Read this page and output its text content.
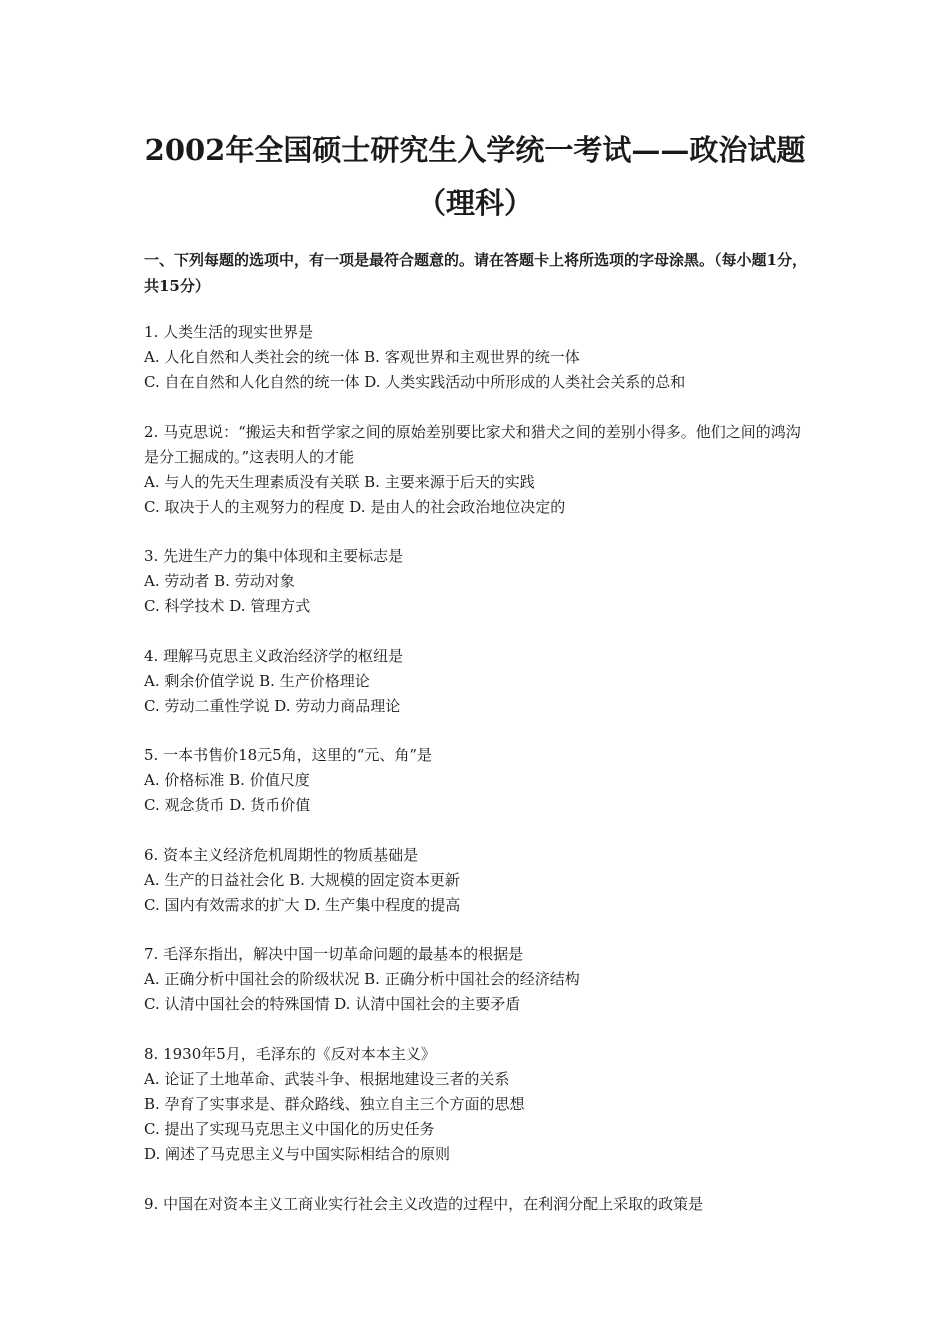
2002年全国硕士研究生入学统一考试——政治试题
（理科）
一、下列每题的选项中，有一项是最符合题意的。请在答题卡上将所选项的字母涂黑。（每小题1分，共15分）
1. 人类生活的现实世界是
A. 人化自然和人类社会的统一体 B. 客观世界和主观世界的统一体
C. 自在自然和人化自然的统一体 D. 人类实践活动中所形成的人类社会关系的总和
2. 马克思说：“搬运夫和哲学家之间的原始差别要比家犬和猎犬之间的差别小得多。他们之间的鸿沟是分工掘成的。”这表明人的才能
A. 与人的先天生理素质没有关联 B. 主要来源于后天的实践
C. 取决于人的主观努力的程度 D. 是由人的社会政治地位决定的
3. 先进生产力的集中体现和主要标志是
A. 劳动者 B. 劳动对象
C. 科学技术 D. 管理方式
4. 理解马克思主义政治经济学的枢纽是
A. 剩余价值学说 B. 生产价格理论
C. 劳动二重性学说 D. 劳动力商品理论
5. 一本书售价18元5角，这里的“元、角”是
A. 价格标准 B. 价值尺度
C. 观念货币 D. 货币价值
6. 资本主义经济危机周期性的物质基础是
A. 生产的日益社会化 B. 大规模的固定资本更新
C. 国内有效需求的扩大 D. 生产集中程度的提高
7. 毛泽东指出，解决中国一切革命问题的最基本的根据是
A. 正确分析中国社会的阶级状况 B. 正确分析中国社会的经济结构
C. 认清中国社会的特殊国情 D. 认清中国社会的主要矛盾
8. 1930年5月，毛泽东的《反对本本主义》
A. 论证了土地革命、武装斗争、根据地建设三者的关系
B. 孕育了实事求是、群众路线、独立自主三个方面的思想
C. 提出了实现马克思主义中国化的历史任务
D. 阐述了马克思主义与中国实际相结合的原则
9. 中国在对资本主义工商业实行社会主义改造的过程中，在利润分配上采取的政策是
